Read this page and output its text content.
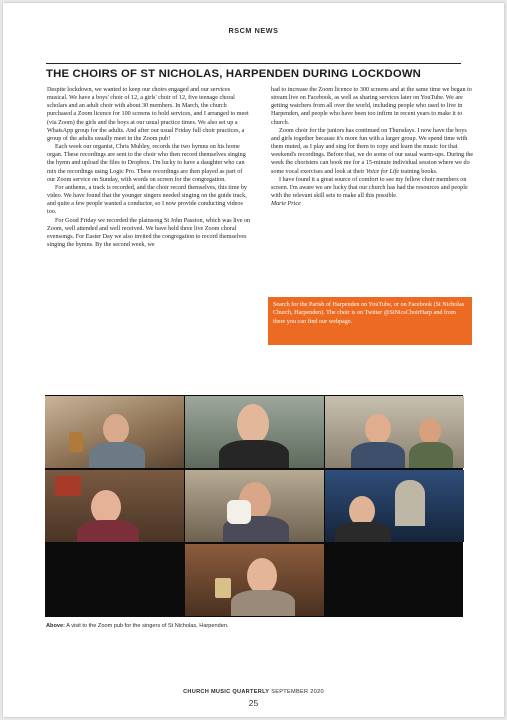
RSCM NEWS
THE CHOIRS OF ST NICHOLAS, HARPENDEN DURING LOCKDOWN

Despite lockdown, we wanted to keep our choirs engaged and our services musical. We have a boys' choir of 12, a girls' choir of 12, five teenage choral scholars and an adult choir with about 30 members. In March, the church purchased a Zoom licence for 100 screens to hold services, and I arranged to meet (via Zoom) the girls and the boys at our usual practice times. We also set up a WhatsApp group for the adults. And after our usual Friday full choir practices, a group of the adults usually meet in the Zoom pub!

Each week our organist, Chris Muhley, records the two hymns on his home organ. These recordings are sent to the choir who then record themselves singing the hymn and upload the files to Dropbox. I'm lucky to have a daughter who can mix the recordings using Logic Pro. These recordings are then played as part of our Zoom service on Sunday, with words on screen for the congregation.

For anthems, a track is recorded, and the choir record themselves, this time by video. We have found that the younger singers needed singing on the guide track, and quite a few people wanted a conductor, so I now provide conducting videos too.

For Good Friday we recorded the plainsong St John Passion, which was live on Zoom, well attended and well received. We have held three live Zoom choral evensongs. For Easter Day we also invited the congregation to record themselves singing the hymns. By the second week, we

had to increase the Zoom licence to 300 screens and at the same time we began to stream live on Facebook, as well as sharing services later on YouTube. We are getting watchers from all over the world, including people who used to live in Harpenden, and people who have been too infirm in recent years to make it to church.

Zoom choir for the juniors has continued on Thursdays. I now have the boys and girls together because it's more fun with a larger group. We spend time with them muted, as I play and sing for them to copy and learn the music for that weekend's recordings. Before that, we do some of our usual warm-ups. During the week the choristers can book me for a 15-minute individual session where we do some vocal exercises and look at their Voice for Life training books.

I have found it a great source of comfort to see my fellow choir members on screen. I'm aware we are lucky that our church has had the resources and people with the relevant skill sets to make all this possible.

Marie Price

Search for the Parish of Harpenden on YouTube, or on Facebook (St Nicholas Church, Harpenden). The choir is on Twitter @StNicsChoirHarp and from there you can find our webpage.
Above: A visit to the Zoom pub for the singers of St Nicholas, Harpenden.
CHURCH MUSIC QUARTERLY SEPTEMBER 2020
25
